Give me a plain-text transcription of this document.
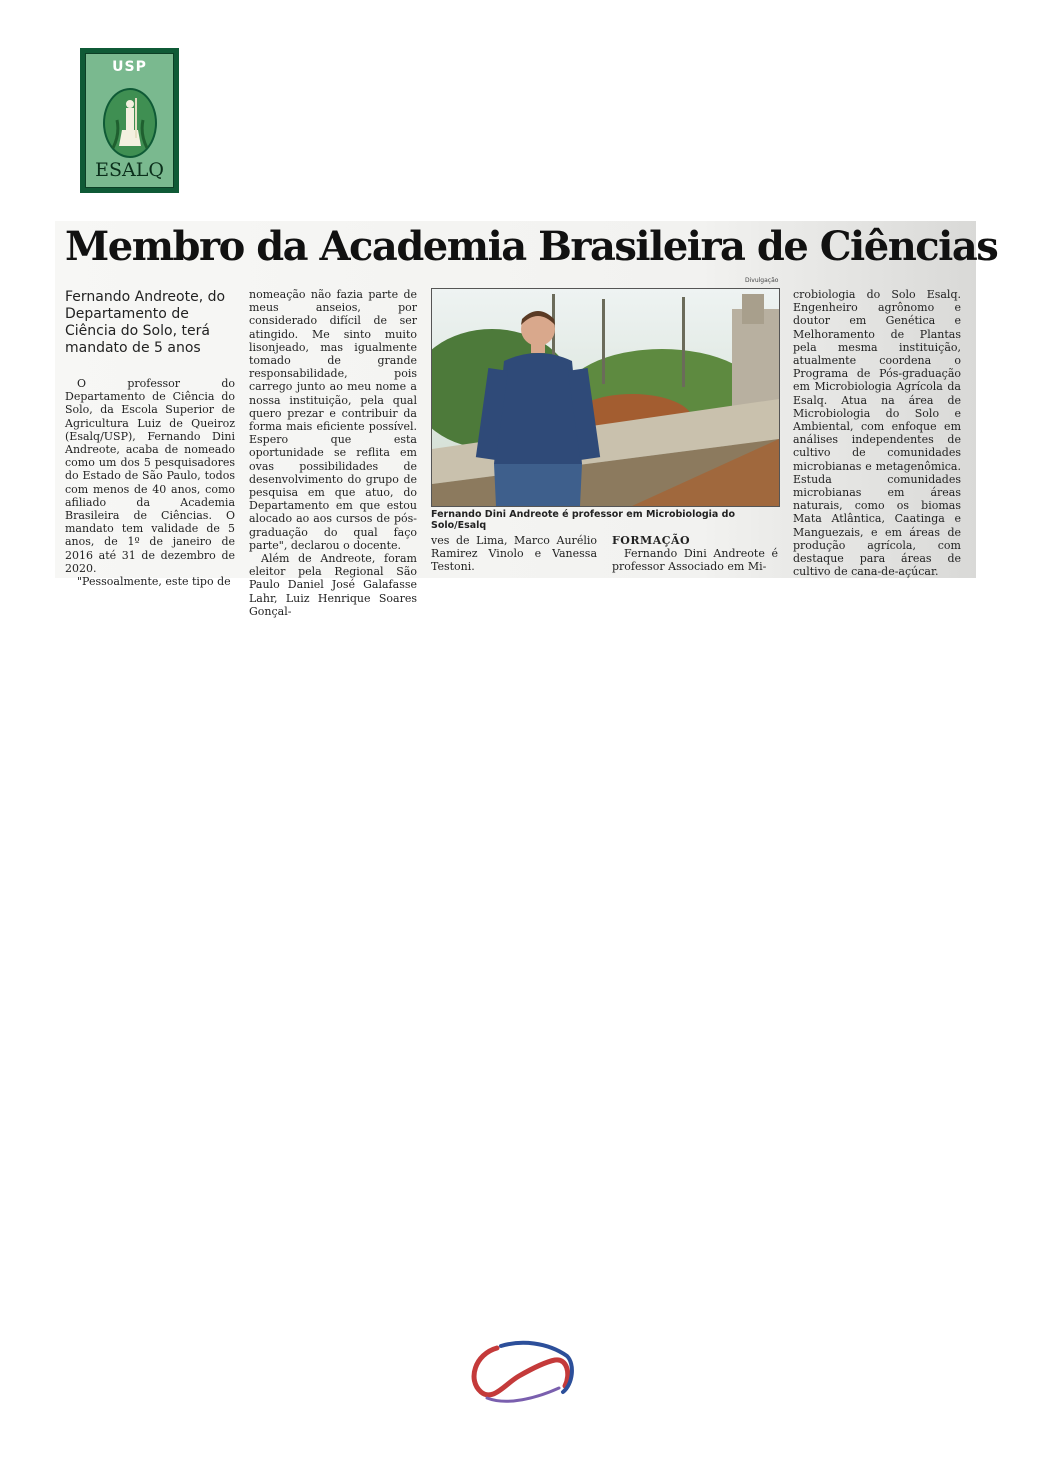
USP
ESALQ
Membro da Academia Brasileira de Ciências
Fernando Andreote, do Departamento de Ciência do Solo, terá mandato de 5 anos

O professor do Departamento de Ciência do Solo, da Escola Superior de Agricultura Luiz de Queiroz (Esalq/USP), Fernando Dini Andreote, acaba de nomeado como um dos 5 pesquisadores do Estado de São Paulo, todos com menos de 40 anos, como afiliado da Academia Brasileira de Ciências. O mandato tem validade de 5 anos, de 1º de janeiro de 2016 até 31 de dezembro de 2020.

"Pessoalmente, este tipo de

nomeação não fazia parte de meus anseios, por considerado difícil de ser atingido. Me sinto muito lisonjeado, mas igualmente tomado de grande responsabilidade, pois carrego junto ao meu nome a nossa instituição, pela qual quero prezar e contribuir da forma mais eficiente possível. Espero que esta oportunidade se reflita em ovas possibilidades de desenvolvimento do grupo de pesquisa em que atuo, do Departamento em que estou alocado ao aos cursos de pós-graduação do qual faço parte", declarou o docente.

Além de Andreote, foram eleitor pela Regional São Paulo Daniel José Galafasse Lahr, Luiz Henrique Soares Gonçal-

Divulgação
Fernando Dini Andreote é professor em Microbiologia do Solo/Esalq

ves de Lima, Marco Aurélio Ramirez Vinolo e Vanessa Testoni.

FORMAÇÃO

Fernando Dini Andreote é professor Associado em Mi-

crobiologia do Solo Esalq. Engenheiro agrônomo e doutor em Genética e Melhoramento de Plantas pela mesma instituição, atualmente coordena o Programa de Pós-graduação em Microbiologia Agrícola da Esalq. Atua na área de Microbiologia do Solo e Ambiental, com enfoque em análises independentes de cultivo de comunidades microbianas e metagenômica. Estuda comunidades microbianas em áreas naturais, como os biomas Mata Atlântica, Caatinga e Manguezais, e em áreas de produção agrícola, com destaque para áreas de cultivo de cana-de-açúcar.
